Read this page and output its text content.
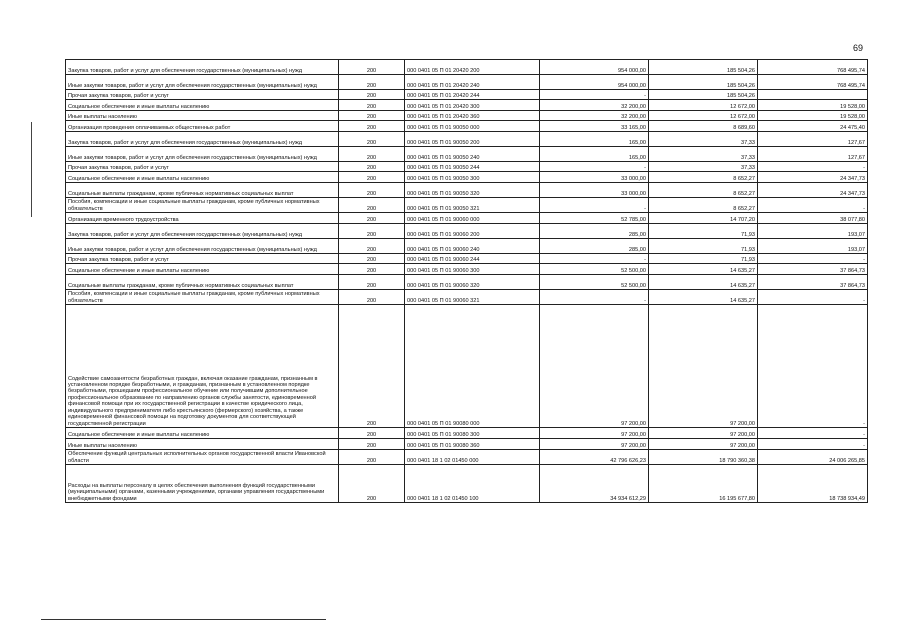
69
Закупка товаров, работ и услуг для обеспечения государственных (муниципальных) нужд	200	000 0401 05 П 01 20420 200	954 000,00	185 504,26	768 495,74
Иные закупки товаров, работ и услуг для обеспечения государственных (муниципальных) нужд	200	000 0401 05 П 01 20420 240	954 000,00	185 504,26	768 495,74
Прочая закупка товаров, работ и услуг	200	000 0401 05 П 01 20420 244	-	185 504,26	
Социальное обеспечение и иные выплаты населению	200	000 0401 05 П 01 20420 300	32 200,00	12 672,00	19 528,00
Иные выплаты населению	200	000 0401 05 П 01 20420 360	32 200,00	12 672,00	19 528,00
Организация проведения оплачиваемых общественных работ	200	000 0401 05 П 01 90050 000	33 165,00	8 689,60	24 475,40
Закупка товаров, работ и услуг для обеспечения государственных (муниципальных) нужд	200	000 0401 05 П 01 90050 200	165,00	37,33	127,67
Иные закупки товаров, работ и услуг для обеспечения государственных (муниципальных) нужд	200	000 0401 05 П 01 90050 240	165,00	37,33	127,67
Прочая закупка товаров, работ и услуг	200	000 0401 05 П 01 90050 244	-	37,33	-
Социальное обеспечение и иные выплаты населению	200	000 0401 05 П 01 90050 300	33 000,00	8 652,27	24 347,73
Социальные выплаты гражданам, кроме публичных нормативных социальных выплат	200	000 0401 05 П 01 90050 320	33 000,00	8 652,27	24 347,73
Пособия, компенсации и иные социальные выплаты гражданам, кроме публичных нормативных обязательств	200	000 0401 05 П 01 90050 321	-	8 652,27	-
Организация временного трудоустройства	200	000 0401 05 П 01 90060 000	52 785,00	14 707,20	38 077,80
Закупка товаров, работ и услуг для обеспечения государственных (муниципальных) нужд	200	000 0401 05 П 01 90060 200	285,00	71,93	193,07
Иные закупки товаров, работ и услуг для обеспечения государственных (муниципальных) нужд	200	000 0401 05 П 01 90060 240	285,00	71,93	193,07
Прочая закупка товаров, работ и услуг	200	000 0401 05 П 01 90060 244	-	71,93	-
Социальное обеспечение и иные выплаты населению	200	000 0401 05 П 01 90060 300	52 500,00	14 635,27	37 864,73
Социальные выплаты гражданам, кроме публичных нормативных социальных выплат	200	000 0401 05 П 01 90060 320	52 500,00	14 635,27	37 864,73
Пособия, компенсации и иные социальные выплаты гражданам, кроме публичных нормативных обязательств	200	000 0401 05 П 01 90060 321	-	14 635,27	-
Содействие самозанятости безработных граждан, включая оказание гражданам, признанным в установленном порядке безработными, и гражданам, признанным в установленном порядке безработными, прошедшим профессиональное обучение или получившим дополнительное профессиональное образование по направлению органов службы занятости, единовременной финансовой помощи при их государственной регистрации в качестве юридического лица, индивидуального предпринимателя либо крестьянского (фермерского) хозяйства, а также единовременной финансовой помощи на подготовку документов для соответствующей государственной регистрации	200	000 0401 05 П 01 90080 000	97 200,00	97 200,00	-
Социальное обеспечение и иные выплаты населению	200	000 0401 05 П 01 90080 300	97 200,00	97 200,00	-
Иные выплаты населению	200	000 0401 05 П 01 90080 360	97 200,00	97 200,00	-
Обеспечение функций центральных исполнительных органов государственной власти Ивановской области	200	000 0401 18 1 02 01450 000	42 796 626,23	18 790 360,38	24 006 265,85
Расходы на выплаты персоналу в целях обеспечения выполнения функций государственными (муниципальными) органами, казенными учреждениями, органами управления государственными внебюджетными фондами	200	000 0401 18 1 02 01450 100	34 934 612,29	16 195 677,80	18 738 934,49
